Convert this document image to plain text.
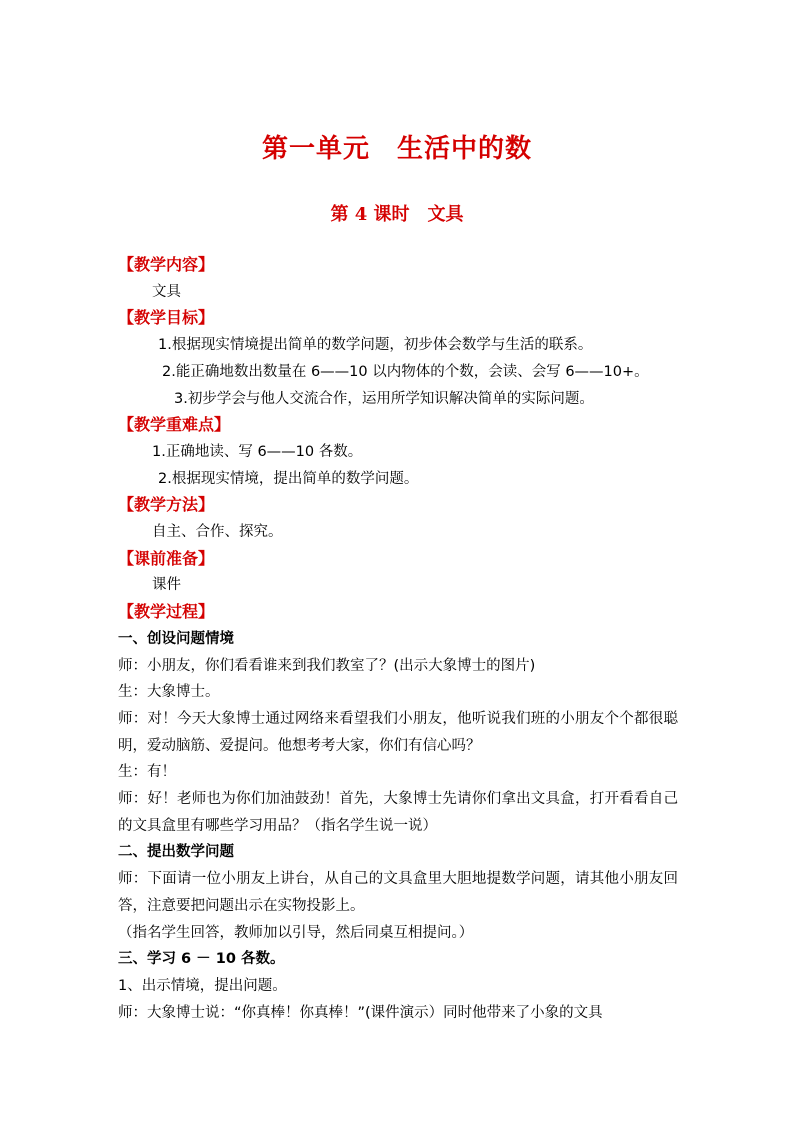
第一单元　生活中的数
第 4 课时　文具
【教学内容】
文具
【教学目标】
1.根据现实情境提出简单的数学问题，初步体会数学与生活的联系。
2.能正确地数出数量在 6——10 以内物体的个数，会读、会写 6——10+。
3.初步学会与他人交流合作，运用所学知识解决简单的实际问题。
【教学重难点】
1.正确地读、写 6——10 各数。
2.根据现实情境，提出简单的数学问题。
【教学方法】
自主、合作、探究。
【课前准备】
课件
【教学过程】
一、创设问题情境
师：小朋友，你们看看谁来到我们教室了？(出示大象博士的图片)
生：大象博士。
师：对！今天大象博士通过网络来看望我们小朋友，他听说我们班的小朋友个个都很聪明，爱动脑筋、爱提问。他想考考大家，你们有信心吗？
生：有！
师：好！老师也为你们加油鼓劲！首先，大象博士先请你们拿出文具盒，打开看看自己的文具盒里有哪些学习用品？（指名学生说一说）
二、提出数学问题
师：下面请一位小朋友上讲台，从自己的文具盒里大胆地提数学问题，请其他小朋友回答，注意要把问题出示在实物投影上。
（指名学生回答，教师加以引导，然后同桌互相提问。）
三、学习 6 － 10 各数。
1、出示情境，提出问题。
师：大象博士说：“你真棒！你真棒！”(课件演示）同时他带来了小象的文具
